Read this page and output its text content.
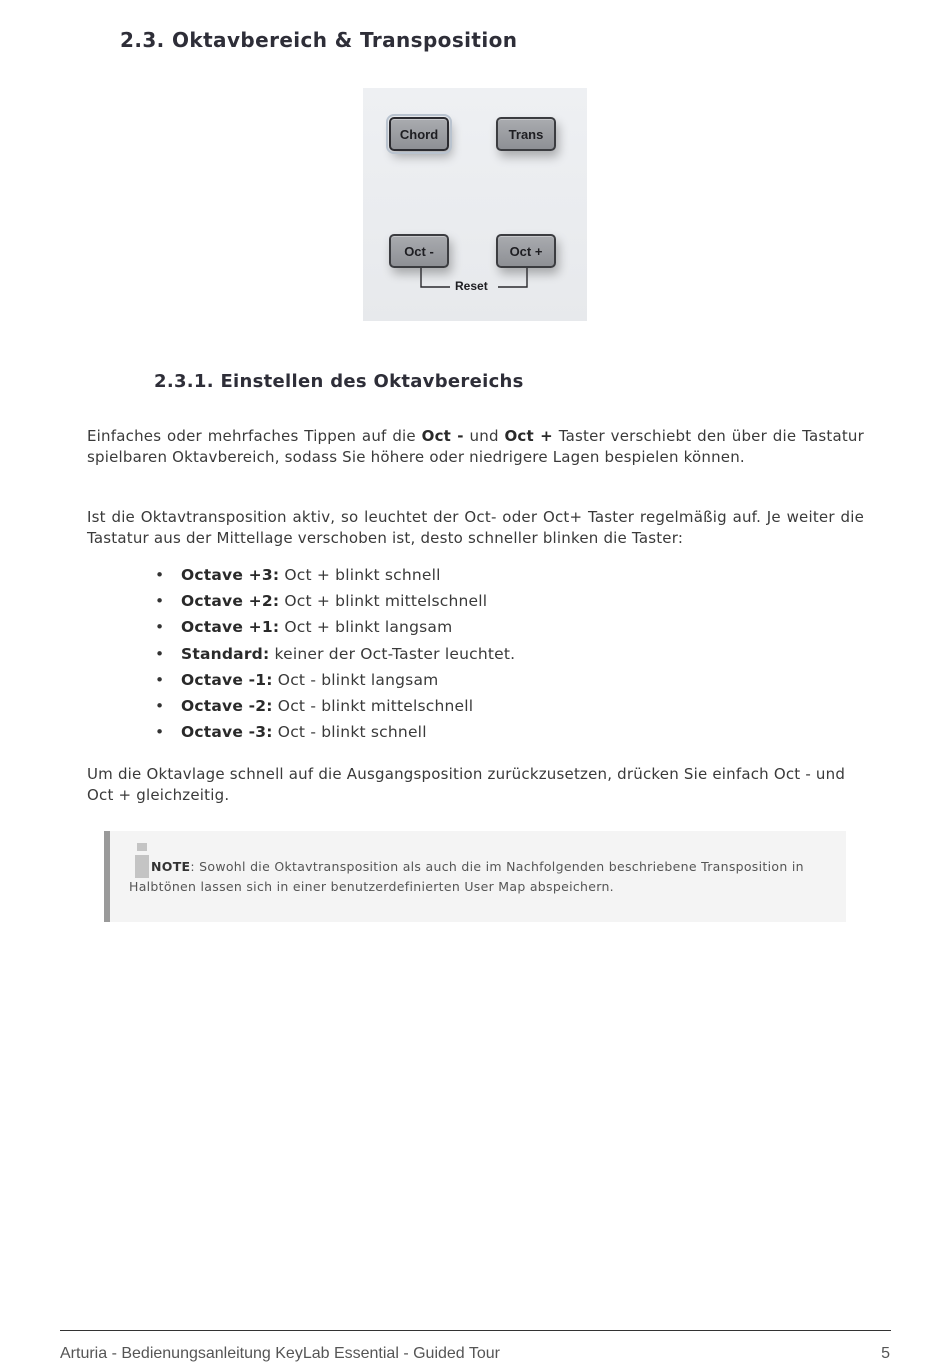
2.3. Oktavbereich & Transposition
Chord	Trans
Oct -	Oct +
Reset
2.3.1. Einstellen des Oktavbereichs

Einfaches oder mehrfaches Tippen auf die Oct - und Oct + Taster verschiebt den über die Tastatur spielbaren Oktavbereich, sodass Sie höhere oder niedrigere Lagen bespielen können.

Ist die Oktavtransposition aktiv, so leuchtet der Oct- oder Oct+ Taster regelmäßig auf. Je weiter die Tastatur aus der Mittellage verschoben ist, desto schneller blinken die Taster:

• Octave +3: Oct + blinkt schnell
• Octave +2: Oct + blinkt mittelschnell
• Octave +1: Oct + blinkt langsam
• Standard: keiner der Oct-Taster leuchtet.
• Octave -1: Oct - blinkt langsam
• Octave -2: Oct - blinkt mittelschnell
• Octave -3: Oct - blinkt schnell

Um die Oktavlage schnell auf die Ausgangsposition zurückzusetzen, drücken Sie einfach Oct - und Oct + gleichzeitig.

NOTE: Sowohl die Oktavtransposition als auch die im Nachfolgenden beschriebene Transposition in Halbtönen lassen sich in einer benutzerdefinierten User Map abspeichern.

Arturia - Bedienungsanleitung KeyLab Essential - Guided Tour	5
